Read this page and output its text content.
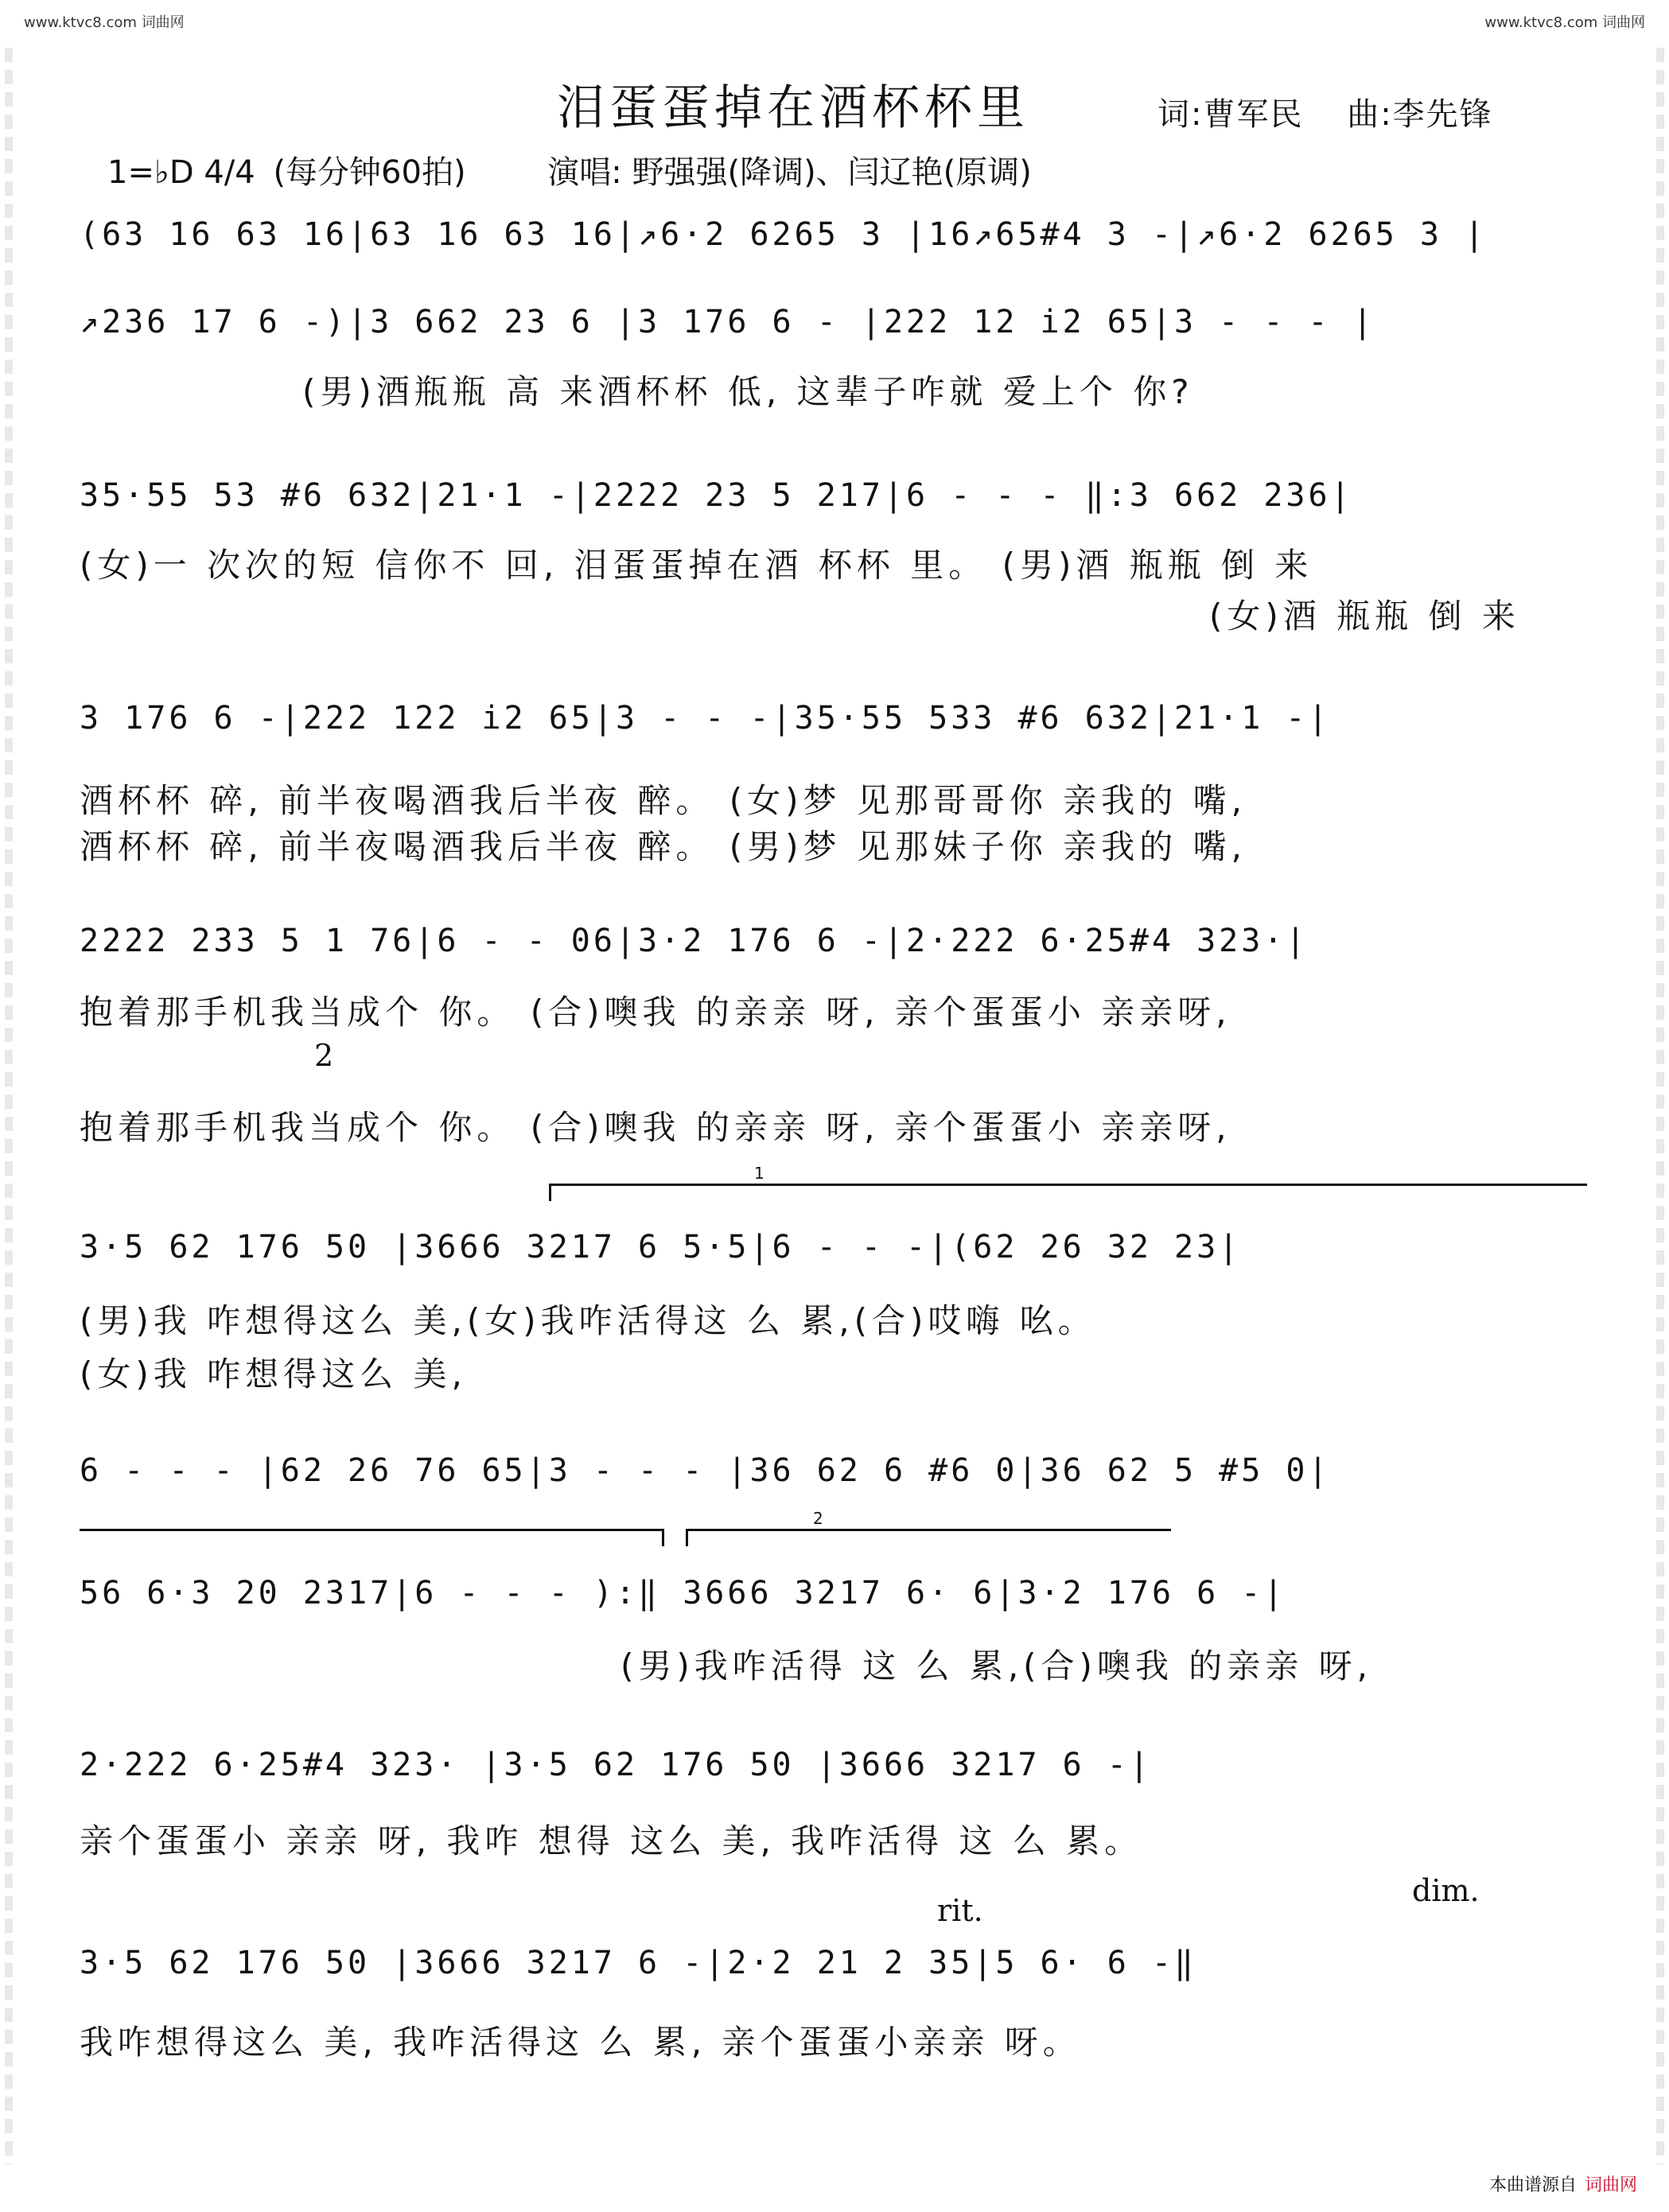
www.ktvc8.com 词曲网	www.ktvc8.com 词曲网
泪蛋蛋掉在酒杯杯里	词:曹军民 曲:李先锋
1=♭D 4/4 (每分钟60拍)	演唱: 野强强(降调)、闫辽艳(原调)
(63 16 63 16|63 16 63 16|↗6·2 6265 3 |16↗65#4 3 -|↗6·2 6265 3 |
↗236 17 6 -)|3 662 23 6 |3 176 6 - |222 12 i2 65|3 - - - |
(男)酒瓶瓶 高 来酒杯杯 低, 这辈子咋就 爱上个 你?
35·55 53 #6 632|21·1 -|2222 23 5 217|6 - - - ‖:3 662 236|
(女)一 次次的短 信你不 回, 泪蛋蛋掉在酒 杯杯 里。 (男)酒 瓶瓶 倒 来
(女)酒 瓶瓶 倒 来
3 176 6 -|222 122 i2 65|3 - - -|35·55 533 #6 632|21·1 -|
酒杯杯 碎, 前半夜喝酒我后半夜 醉。 (女)梦 见那哥哥你 亲我的 嘴,
酒杯杯 碎, 前半夜喝酒我后半夜 醉。 (男)梦 见那妹子你 亲我的 嘴,
2222 233 5 1 76|6 - - 06|3·2 176 6 -|2·222 6·25#4 323·|
抱着那手机我当成个 你。 (合)噢我 的亲亲 呀, 亲个蛋蛋小 亲亲呀,
2
抱着那手机我当成个 你。 (合)噢我 的亲亲 呀, 亲个蛋蛋小 亲亲呀,
1
3·5 62 176 50 |3666 3217 6 5·5|6 - - -|(62 26 32 23|
(男)我 咋想得这么 美,(女)我咋活得这 么 累,(合)哎嗨 吆。
(女)我 咋想得这么 美,
6 - - - |62 26 76 65|3 - - - |36 62 6 #6 0|36 62 5 #5 0|
2
56 6·3 20 2317|6 - - - ):‖ 3666 3217 6· 6|3·2 176 6 -|
(男)我咋活得 这 么 累,(合)噢我 的亲亲 呀,
2·222 6·25#4 323· |3·5 62 176 50 |3666 3217 6 -|
亲个蛋蛋小 亲亲 呀, 我咋 想得 这么 美, 我咋活得 这 么 累。
rit.
dim.
3·5 62 176 50 |3666 3217 6 -|2·2 21 2 35|5 6· 6 -‖
我咋想得这么 美, 我咋活得这 么 累, 亲个蛋蛋小亲亲 呀。
本曲谱源自 词曲网
